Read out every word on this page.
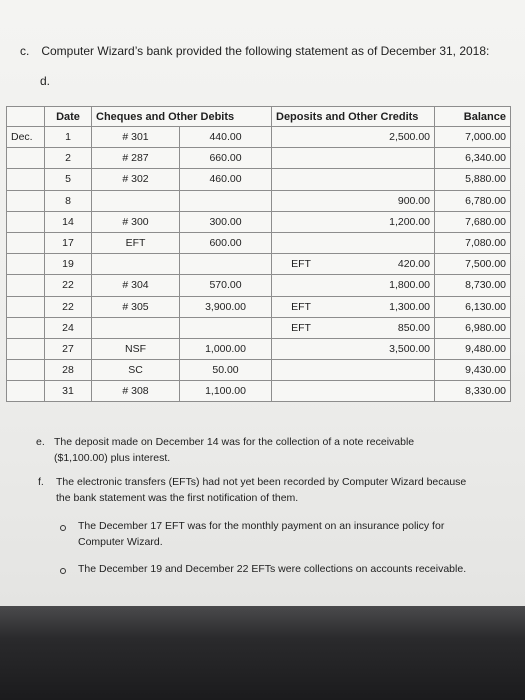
c. Computer Wizard’s bank provided the following statement as of December 31, 2018:
d.
	Date	Cheques and Other Debits		Deposits and Other Credits	Balance
Dec.	1	# 301	440.00	2,500.00	7,000.00
	2	# 287	660.00		6,340.00
	5	# 302	460.00		5,880.00
	8			900.00	6,780.00
	14	# 300	300.00	1,200.00	7,680.00
	17	EFT	600.00		7,080.00
	19			EFT 420.00	7,500.00
	22	# 304	570.00	1,800.00	8,730.00
	22	# 305	3,900.00	EFT 1,300.00	6,130.00
	24			EFT 850.00	6,980.00
	27	NSF	1,000.00	3,500.00	9,480.00
	28	SC	50.00		9,430.00
	31	# 308	1,100.00		8,330.00
e. The deposit made on December 14 was for the collection of a note receivable
($1,100.00) plus interest.
f.	The electronic transfers (EFTs) had not yet been recorded by Computer Wizard because
the bank statement was the first notification of them.
The December 17 EFT was for the monthly payment on an insurance policy for
Computer Wizard.
The December 19 and December 22 EFTs were collections on accounts receivable.
